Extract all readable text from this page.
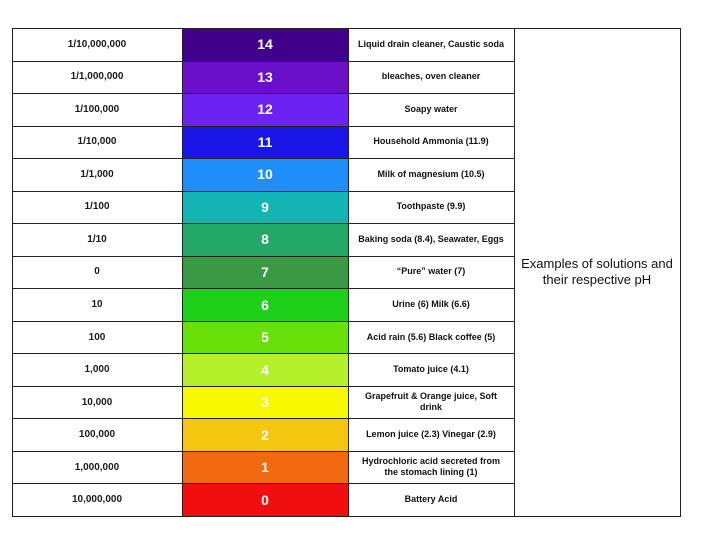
Examples of solutions and their respective pH
1/10,000,000	14	Liquid drain cleaner, Caustic soda
1/1,000,000	13	bleaches, oven cleaner
1/100,000	12	Soapy water
1/10,000	11	Household Ammonia (11.9)
1/1,000	10	Milk of magnesium (10.5)
1/100	9	Toothpaste (9.9)
1/10	8	Baking soda (8.4), Seawater, Eggs
0	7	“Pure” water (7)
10	6	Urine (6) Milk (6.6)
100	5	Acid rain (5.6) Black coffee (5)
1,000	4	Tomato juice (4.1)
10,000	3	Grapefruit & Orange juice, Soft drink
100,000	2	Lemon juice (2.3) Vinegar (2.9)
1,000,000	1	Hydrochloric acid secreted from the stomach lining (1)
10,000,000	0	Battery Acid
